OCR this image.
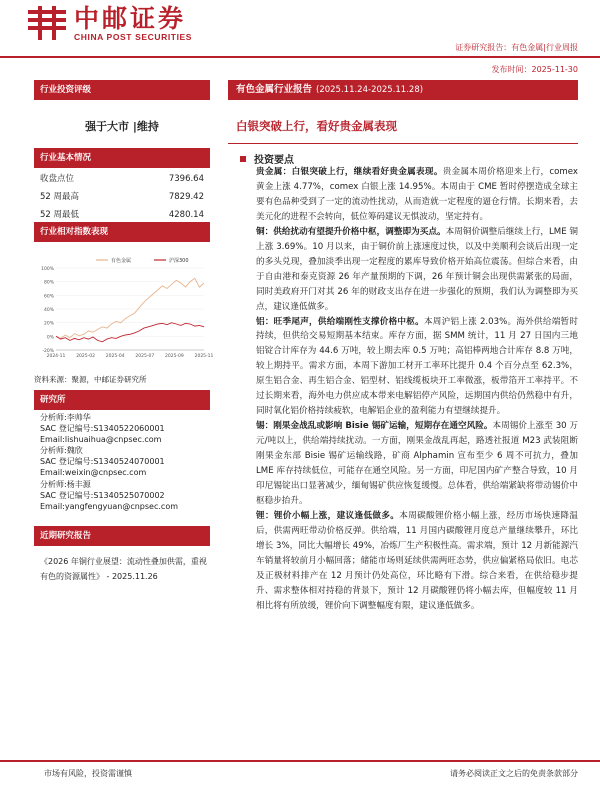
中邮证券
CHINA POST SECURITIES
证券研究报告：有色金属|行业周报
发布时间：2025-11-30
行业投资评级
强于大市 |维持
行业基本情况
收盘点位	7396.64
52 周最高	7829.42
52 周最低	4280.14
行业相对指数表现
-20%
0%
20%
40%
60%
80%
100%
2024-11 2025-02 2025-04 2025-07 2025-09 2025-11
有色金属	沪深300
资料来源：聚源，中邮证券研究所
研究所
分析师:李帅华
SAC 登记编号:S1340522060001
Email:lishuaihua@cnpsec.com
分析师:魏欣
SAC 登记编号:S1340524070001
Email:weixin@cnpsec.com
分析师:杨丰源
SAC 登记编号:S1340525070002
Email:yangfengyuan@cnpsec.com
近期研究报告
《2026 年铜行业展望：流动性叠加供需，重视有色的资源属性》 - 2025.11.26
有色金属行业报告 (2025.11.24-2025.11.28)
白银突破上行，看好贵金属表现
投资要点

贵金属：白银突破上行，继续看好贵金属表现。贵金属本周价格迎来上行，comex 黄金上涨 4.77%，comex 白银上涨 14.95%。本周由于 CME 暂时停摆造成全球主要有色品种受到了一定的流动性扰动，从而造就一定程度的逼仓行情。长期来看，去美元化的进程不会转向，低位筹码建议无惧波动，坚定持有。

铜：供给扰动有望提升价格中枢，调整即为买点。本周铜价调整后继续上行，LME 铜上涨 3.69%。10 月以来，由于铜价前上涨速度过快，以及中美顺利会谈后出现一定的多头兑现，叠加淡季出现一定程度的累库导致价格开始高位震荡。但综合来看，由于自由港和泰克资源 26 年产量预期的下调，26 年预计铜会出现供需紧张的局面，同时美政府开门对其 26 年的财政支出存在进一步强化的预期，我们认为调整即为买点，建议逢低做多。

铝：旺季尾声，供给端刚性支撑价格中枢。本周沪铝上涨 2.03%。海外供给端暂时持续，但供给交易短期基本结束。库存方面，据 SMM 统计，11 月 27 日国内三地铝锭合计库存为 44.6 万吨，较上期去库 0.5 万吨；高铝棒两地合计库存 8.8 万吨，较上期持平。需求方面，本周下游加工材开工率环比提升 0.4 个百分点至 62.3%，原生铝合金、再生铝合金、铝型材、铝线缆板块开工率微涨，板带箔开工率持平。不过长期来看，海外电力供应成本带来电解铝停产风险，远期国内供给仍然稳中有升，同时氧化铝价格持续疲软，电解铝企业的盈利能力有望继续提升。

锡：刚果金战乱或影响 Bisie 锡矿运输，短期存在通空风险。本周锡价上涨至 30 万元/吨以上，供给端持续扰动。一方面，刚果金战乱再起，路透社报道 M23 武装阻断刚果金东部 Bisie 锡矿运输线路，矿商 Alphamin 宣布至少 6 周不可抗力，叠加 LME 库存持续低位，可能存在通空风险。另一方面，印尼国内矿产整合导致，10 月印尼锡锭出口显著减少，缅甸锡矿供应恢复缓慢。总体看，供给端紧缺将带动锡价中枢稳步抬升。

锂：锂价小幅上涨，建议逢低做多。本周碳酸锂价格小幅上涨，经历市场快速降温后，供需两旺带动价格反弹。供给端，11 月国内碳酸锂月度总产量继续攀升，环比增长 3%，同比大幅增长 49%，冶炼厂生产积极性高。需求端，预计 12 月新能源汽车销量将较前月小幅回落；储能市场则延续供需两旺态势，供应偏紧格局依旧。电芯及正极材料排产在 12 月预计仍处高位，环比略有下滑。综合来看，在供给稳步提升、需求整体相对持稳的背景下，预计 12 月碳酸锂仍将小幅去库，但幅度较 11 月相比将有所放缓，锂价向下调整幅度有限，建议逢低做多。

市场有风险，投资需谨慎	请务必阅读正文之后的免责条款部分
